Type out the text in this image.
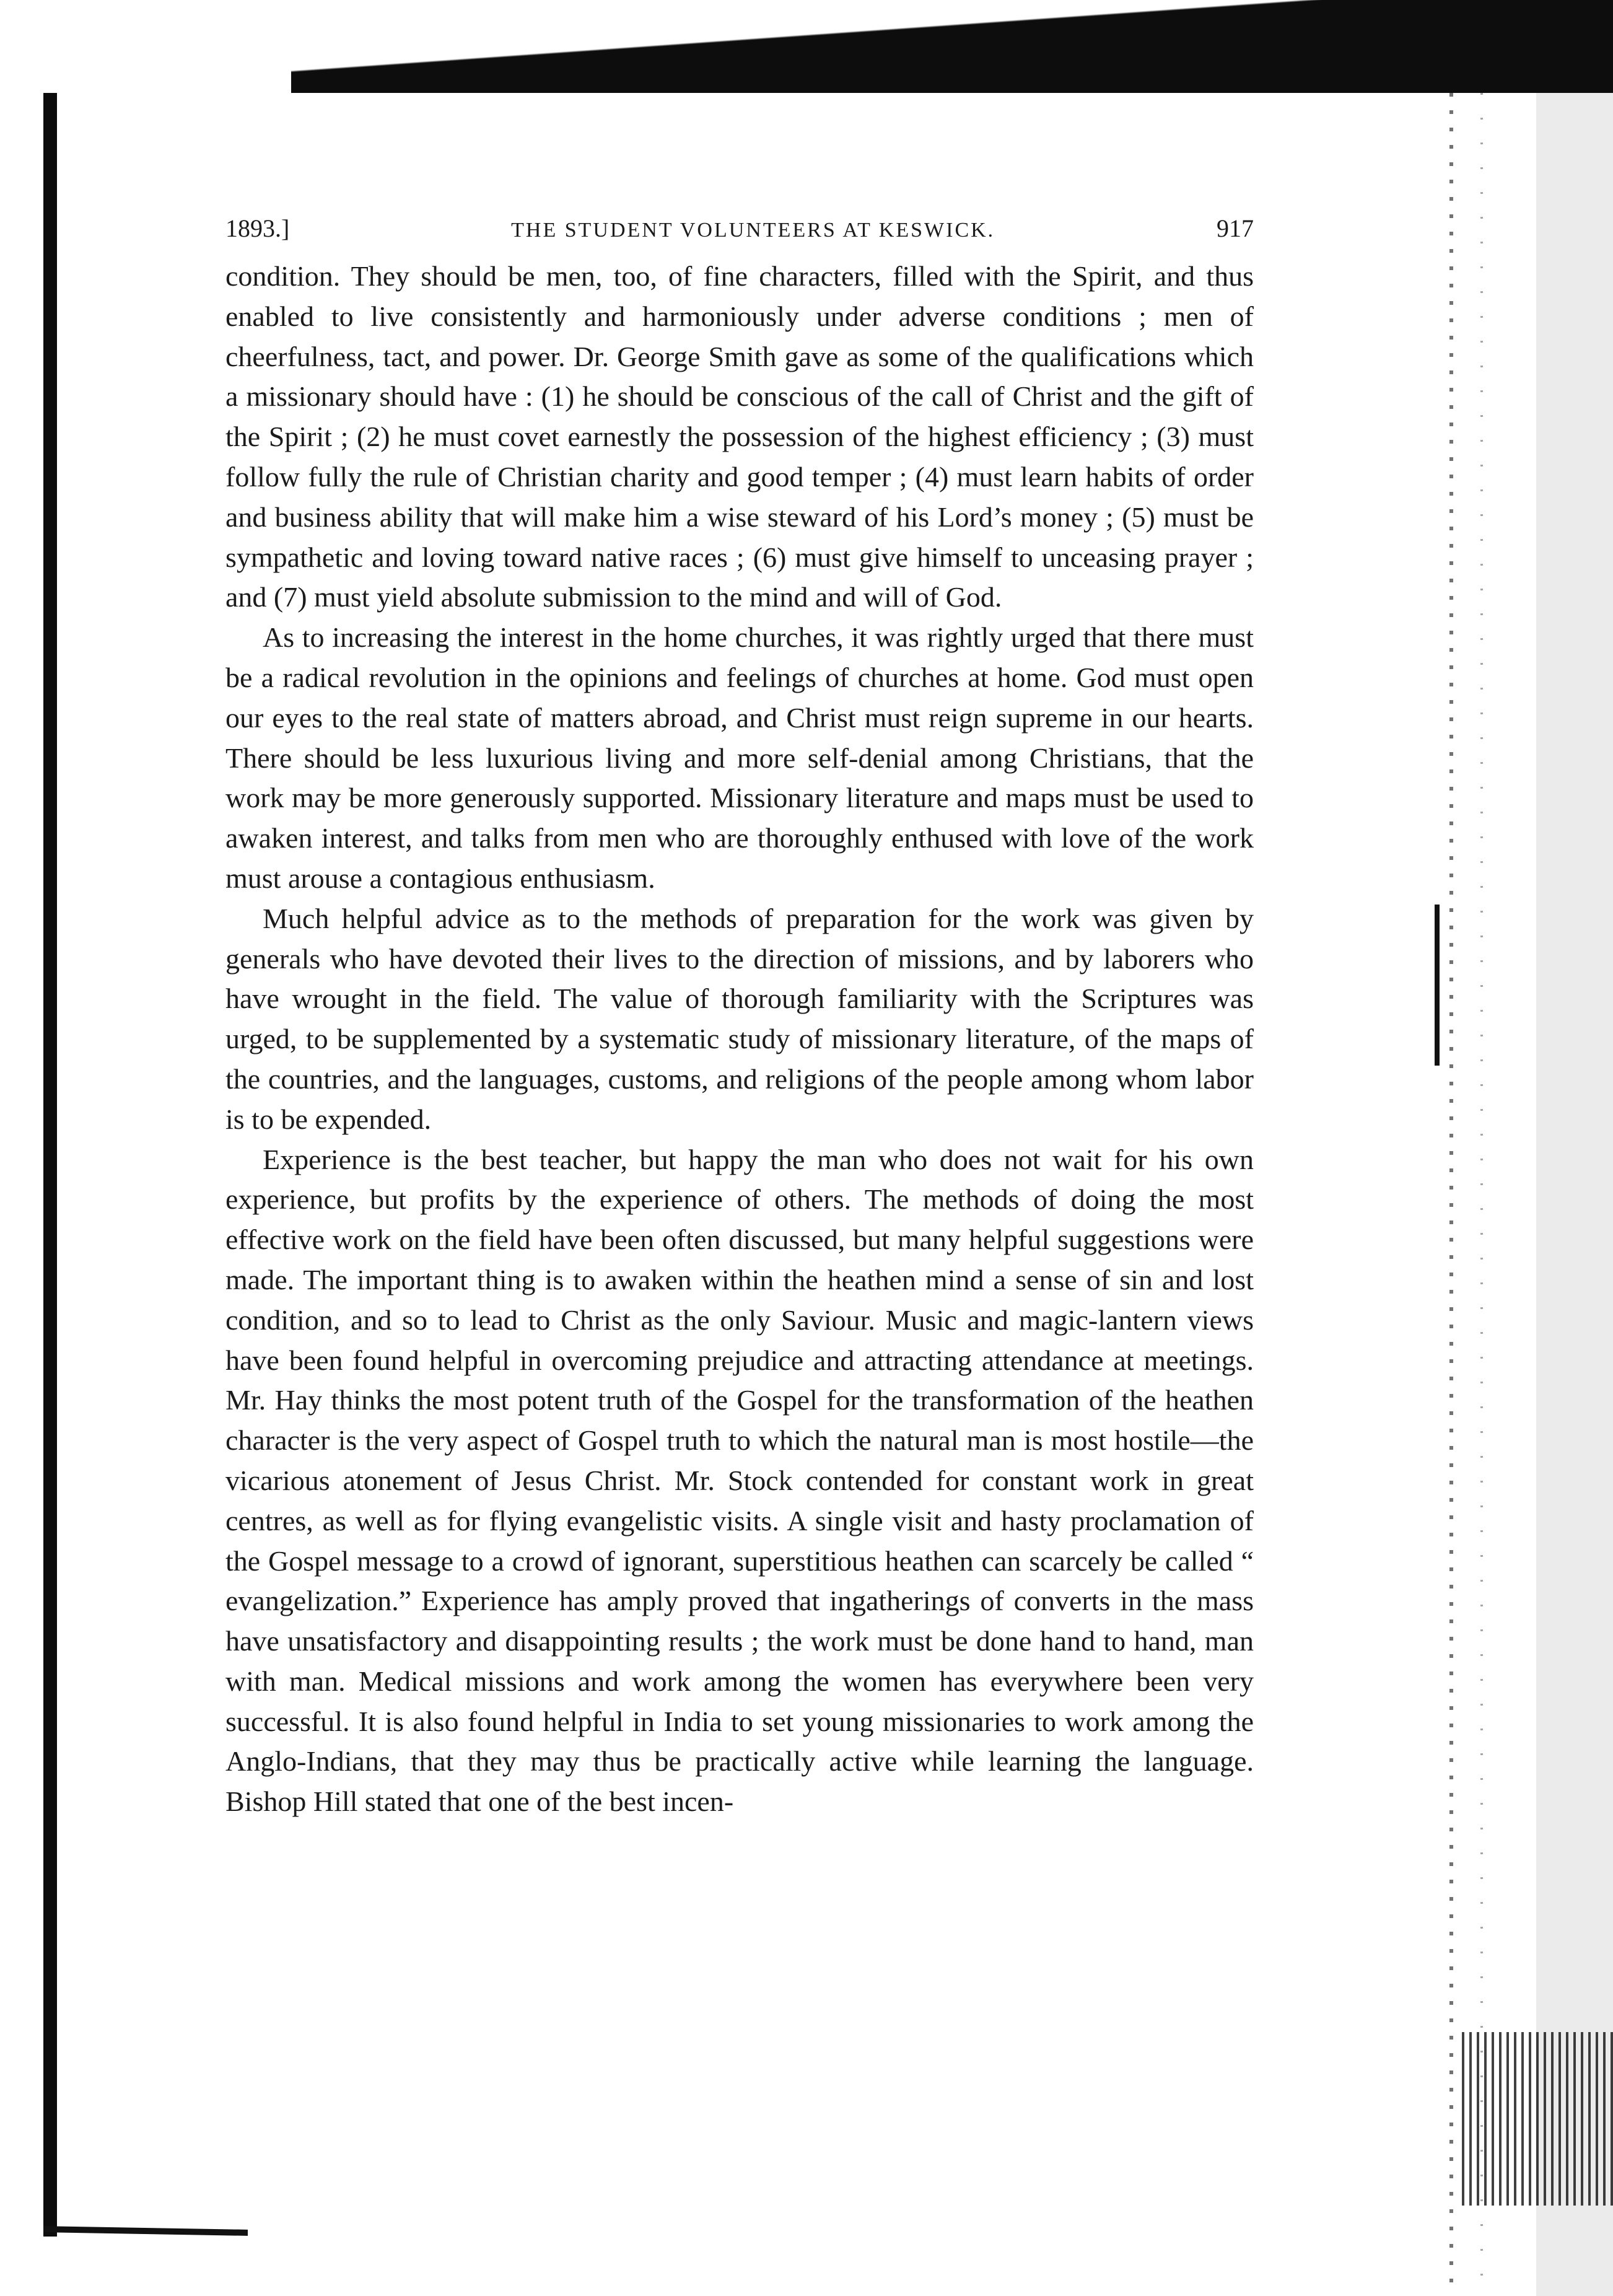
1893.]	THE STUDENT VOLUNTEERS AT KESWICK.	917

condition. They should be men, too, of fine characters, filled with the Spirit, and thus enabled to live consistently and harmoniously under adverse conditions ; men of cheerfulness, tact, and power. Dr. George Smith gave as some of the qualifications which a missionary should have : (1) he should be conscious of the call of Christ and the gift of the Spirit ; (2) he must covet earnestly the possession of the highest efficiency ; (3) must follow fully the rule of Christian charity and good temper ; (4) must learn habits of order and business ability that will make him a wise steward of his Lord’s money ; (5) must be sympathetic and loving toward native races ; (6) must give himself to unceasing prayer ; and (7) must yield absolute submission to the mind and will of God.

As to increasing the interest in the home churches, it was rightly urged that there must be a radical revolution in the opinions and feelings of churches at home. God must open our eyes to the real state of matters abroad, and Christ must reign supreme in our hearts. There should be less luxurious living and more self-denial among Christians, that the work may be more generously supported. Missionary literature and maps must be used to awaken interest, and talks from men who are thoroughly enthused with love of the work must arouse a contagious enthusiasm.

Much helpful advice as to the methods of preparation for the work was given by generals who have devoted their lives to the direction of missions, and by laborers who have wrought in the field. The value of thorough familiarity with the Scriptures was urged, to be supplemented by a systematic study of missionary literature, of the maps of the countries, and the languages, customs, and religions of the people among whom labor is to be expended.

Experience is the best teacher, but happy the man who does not wait for his own experience, but profits by the experience of others. The methods of doing the most effective work on the field have been often discussed, but many helpful suggestions were made. The important thing is to awaken within the heathen mind a sense of sin and lost condition, and so to lead to Christ as the only Saviour. Music and magic-lantern views have been found helpful in overcoming prejudice and attracting attendance at meetings. Mr. Hay thinks the most potent truth of the Gospel for the transformation of the heathen character is the very aspect of Gospel truth to which the natural man is most hostile—the vicarious atonement of Jesus Christ. Mr. Stock contended for constant work in great centres, as well as for flying evangelistic visits. A single visit and hasty proclamation of the Gospel message to a crowd of ignorant, superstitious heathen can scarcely be called “ evangelization.” Experience has amply proved that ingatherings of converts in the mass have unsatisfactory and disappointing results ; the work must be done hand to hand, man with man. Medical missions and work among the women has everywhere been very successful. It is also found helpful in India to set young missionaries to work among the Anglo-Indians, that they may thus be practically active while learning the language. Bishop Hill stated that one of the best incen-
